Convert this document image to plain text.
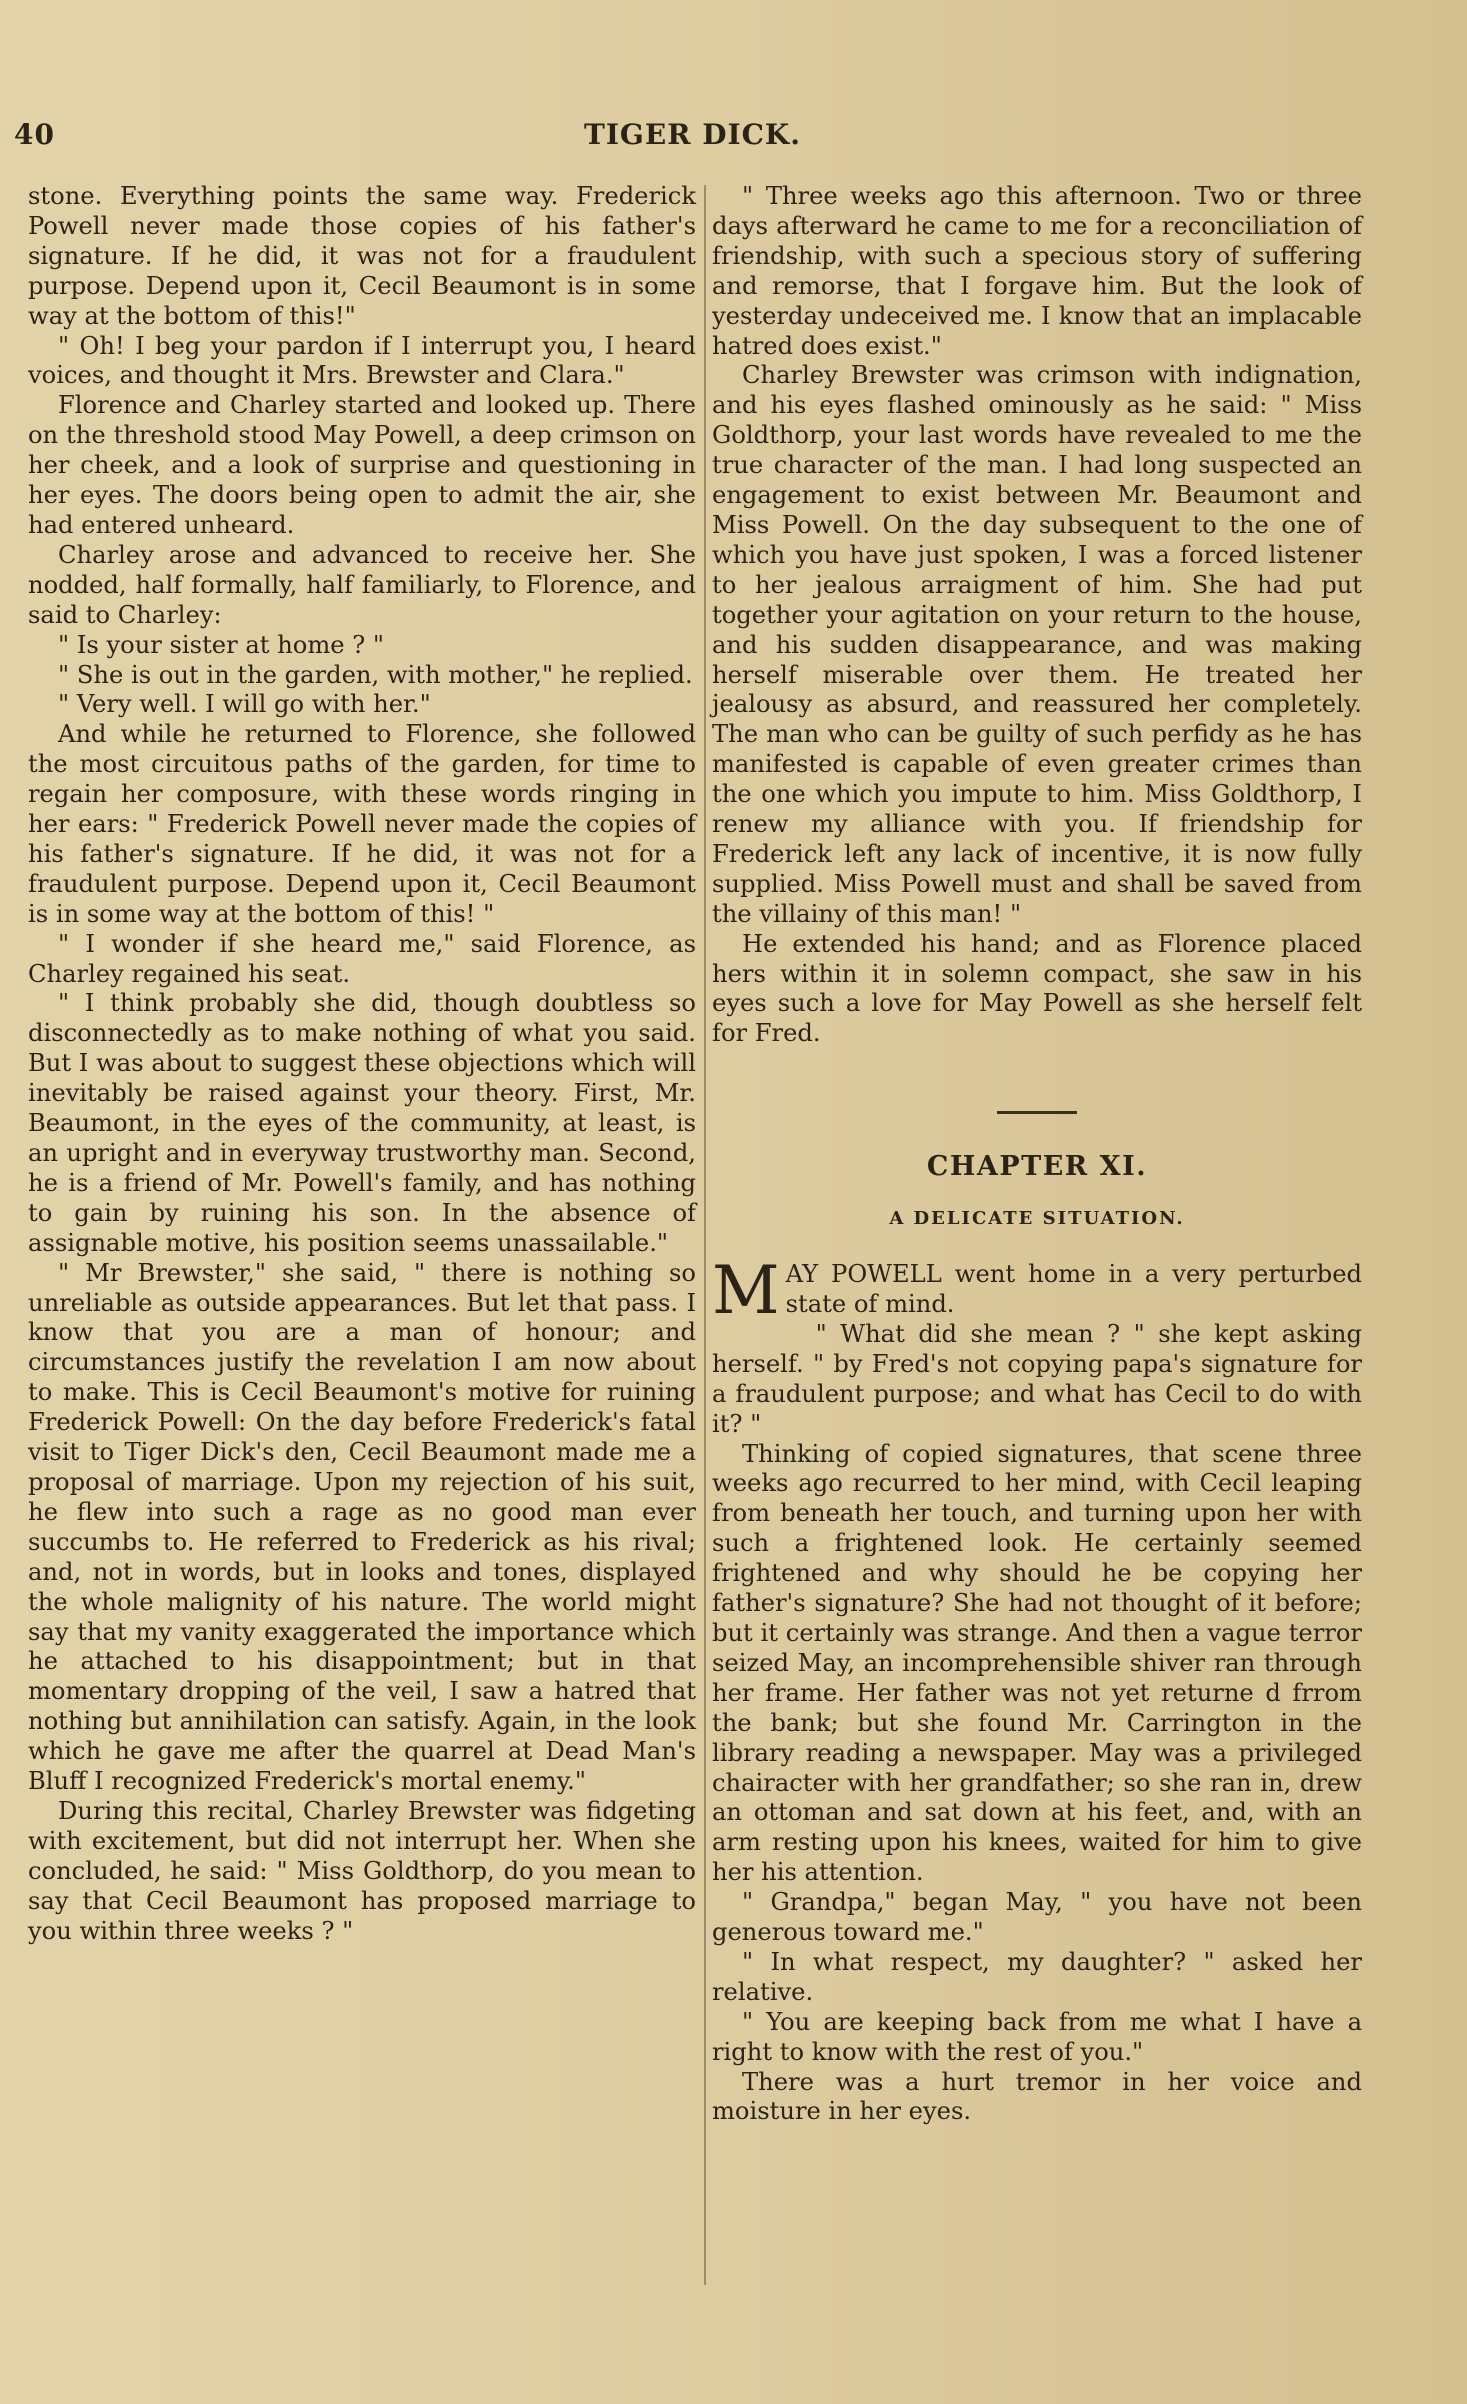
40	TIGER DICK.

stone. Everything points the same way. Frederick Powell never made those copies of his father's signature. If he did, it was not for a fraudulent purpose. Depend upon it, Cecil Beaumont is in some way at the bottom of this!"

" Oh! I beg your pardon if I interrupt you, I heard voices, and thought it Mrs. Brewster and Clara."

Florence and Charley started and looked up. There on the threshold stood May Powell, a deep crimson on her cheek, and a look of surprise and questioning in her eyes. The doors being open to admit the air, she had entered unheard.

Charley arose and advanced to receive her. She nodded, half formally, half familiarly, to Florence, and said to Charley:

" Is your sister at home ? "

" She is out in the garden, with mother," he replied.

" Very well. I will go with her."

And while he returned to Florence, she followed the most circuitous paths of the garden, for time to regain her composure, with these words ringing in her ears: " Frederick Powell never made the copies of his father's signature. If he did, it was not for a fraudulent purpose. Depend upon it, Cecil Beaumont is in some way at the bottom of this! "

" I wonder if she heard me," said Florence, as Charley regained his seat.

" I think probably she did, though doubtless so disconnectedly as to make nothing of what you said. But I was about to suggest these objections which will inevitably be raised against your theory. First, Mr. Beaumont, in the eyes of the community, at least, is an upright and in everyway trustworthy man. Second, he is a friend of Mr. Powell's family, and has nothing to gain by ruining his son. In the absence of assignable motive, his position seems unassailable."

" Mr Brewster," she said, " there is nothing so unreliable as outside appearances. But let that pass. I know that you are a man of honour; and circumstances justify the revelation I am now about to make. This is Cecil Beaumont's motive for ruining Frederick Powell: On the day before Frederick's fatal visit to Tiger Dick's den, Cecil Beaumont made me a proposal of marriage. Upon my rejection of his suit, he flew into such a rage as no good man ever succumbs to. He referred to Frederick as his rival; and, not in words, but in looks and tones, displayed the whole malignity of his nature. The world might say that my vanity exaggerated the importance which he attached to his disappointment; but in that momentary dropping of the veil, I saw a hatred that nothing but annihilation can satisfy. Again, in the look which he gave me after the quarrel at Dead Man's Bluff I recognized Frederick's mortal enemy."

During this recital, Charley Brewster was fidgeting with excitement, but did not interrupt her. When she concluded, he said: " Miss Goldthorp, do you mean to say that Cecil Beaumont has proposed marriage to you within three weeks ? "

" Three weeks ago this afternoon. Two or three days afterward he came to me for a reconciliation of friendship, with such a specious story of suffering and remorse, that I forgave him. But the look of yesterday undeceived me. I know that an implacable hatred does exist."

Charley Brewster was crimson with indignation, and his eyes flashed ominously as he said: " Miss Goldthorp, your last words have revealed to me the true character of the man. I had long suspected an engagement to exist between Mr. Beaumont and Miss Powell. On the day subsequent to the one of which you have just spoken, I was a forced listener to her jealous arraigment of him. She had put together your agitation on your return to the house, and his sudden disappearance, and was making herself miserable over them. He treated her jealousy as absurd, and reassured her completely. The man who can be guilty of such perfidy as he has manifested is capable of even greater crimes than the one which you impute to him. Miss Goldthorp, I renew my alliance with you. If friendship for Frederick left any lack of incentive, it is now fully supplied. Miss Powell must and shall be saved from the villainy of this man! "

He extended his hand; and as Florence placed hers within it in solemn compact, she saw in his eyes such a love for May Powell as she herself felt for Fred.

CHAPTER XI.
A DELICATE SITUATION.
M AY POWELL went home in a very perturbed state of mind.

" What did she mean ? " she kept asking herself. " by Fred's not copying papa's signature for a fraudulent purpose; and what has Cecil to do with it? "

Thinking of copied signatures, that scene three weeks ago recurred to her mind, with Cecil leaping from beneath her touch, and turning upon her with such a frightened look. He certainly seemed frightened and why should he be copying her father's signature? She had not thought of it before; but it certainly was strange. And then a vague terror seized May, an incomprehensible shiver ran through her frame. Her father was not yet returne d frrom the bank; but she found Mr. Carrington in the library reading a newspaper. May was a privileged chairacter with her grandfather; so she ran in, drew an ottoman and sat down at his feet, and, with an arm resting upon his knees, waited for him to give her his attention.

" Grandpa," began May, " you have not been generous toward me."

" In what respect, my daughter? " asked her relative.

" You are keeping back from me what I have a right to know with the rest of you."

There was a hurt tremor in her voice and moisture in her eyes.
